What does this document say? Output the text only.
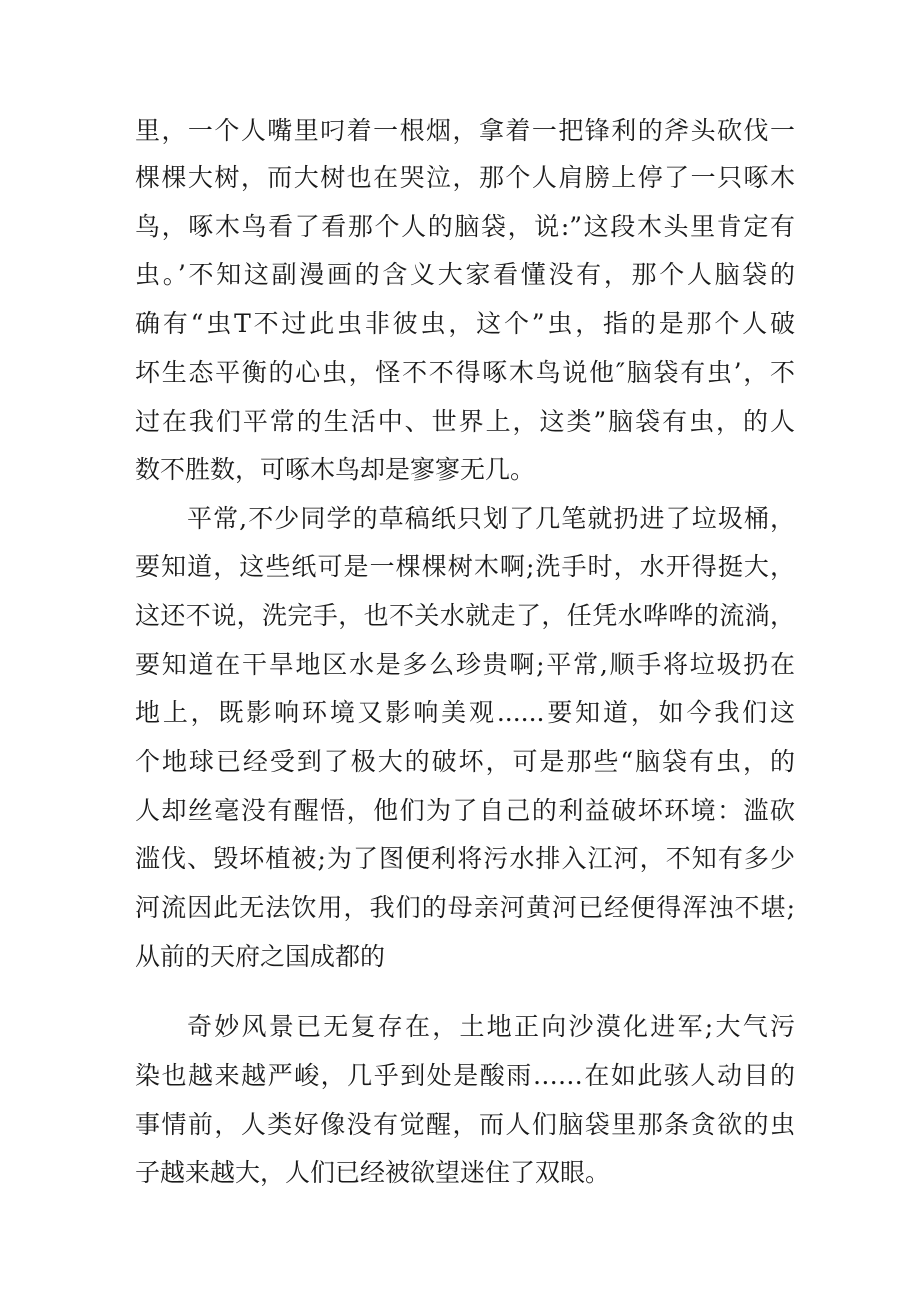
里，一个人嘴里叼着一根烟，拿着一把锋利的斧头砍伐一
棵棵大树，而大树也在哭泣，那个人肩膀上停了一只啄木
鸟，啄木鸟看了看那个人的脑袋，说:”这段木头里肯定有
虫。’不知这副漫画的含义大家看懂没有，那个人脑袋的
确有“虫T不过此虫非彼虫，这个”虫，指的是那个人破
坏生态平衡的心虫，怪不不得啄木鸟说他″脑袋有虫’，不
过在我们平常的生活中、世界上，这类”脑袋有虫，的人
数不胜数，可啄木鸟却是寥寥无几。
平常,不少同学的草稿纸只划了几笔就扔进了垃圾桶，
要知道，这些纸可是一棵棵树木啊;洗手时，水开得挺大，
这还不说，洗完手，也不关水就走了，任凭水哗哗的流淌，
要知道在干旱地区水是多么珍贵啊;平常,顺手将垃圾扔在
地上，既影响环境又影响美观......要知道，如今我们这
个地球已经受到了极大的破坏，可是那些“脑袋有虫，的
人却丝毫没有醒悟，他们为了自己的利益破坏环境：滥砍
滥伐、毁坏植被;为了图便利将污水排入江河，不知有多少
河流因此无法饮用，我们的母亲河黄河已经便得浑浊不堪;
从前的天府之国成都的
奇妙风景已无复存在，土地正向沙漠化进军;大气污
染也越来越严峻，几乎到处是酸雨……在如此骇人动目的
事情前，人类好像没有觉醒，而人们脑袋里那条贪欲的虫
子越来越大，人们已经被欲望迷住了双眼。
